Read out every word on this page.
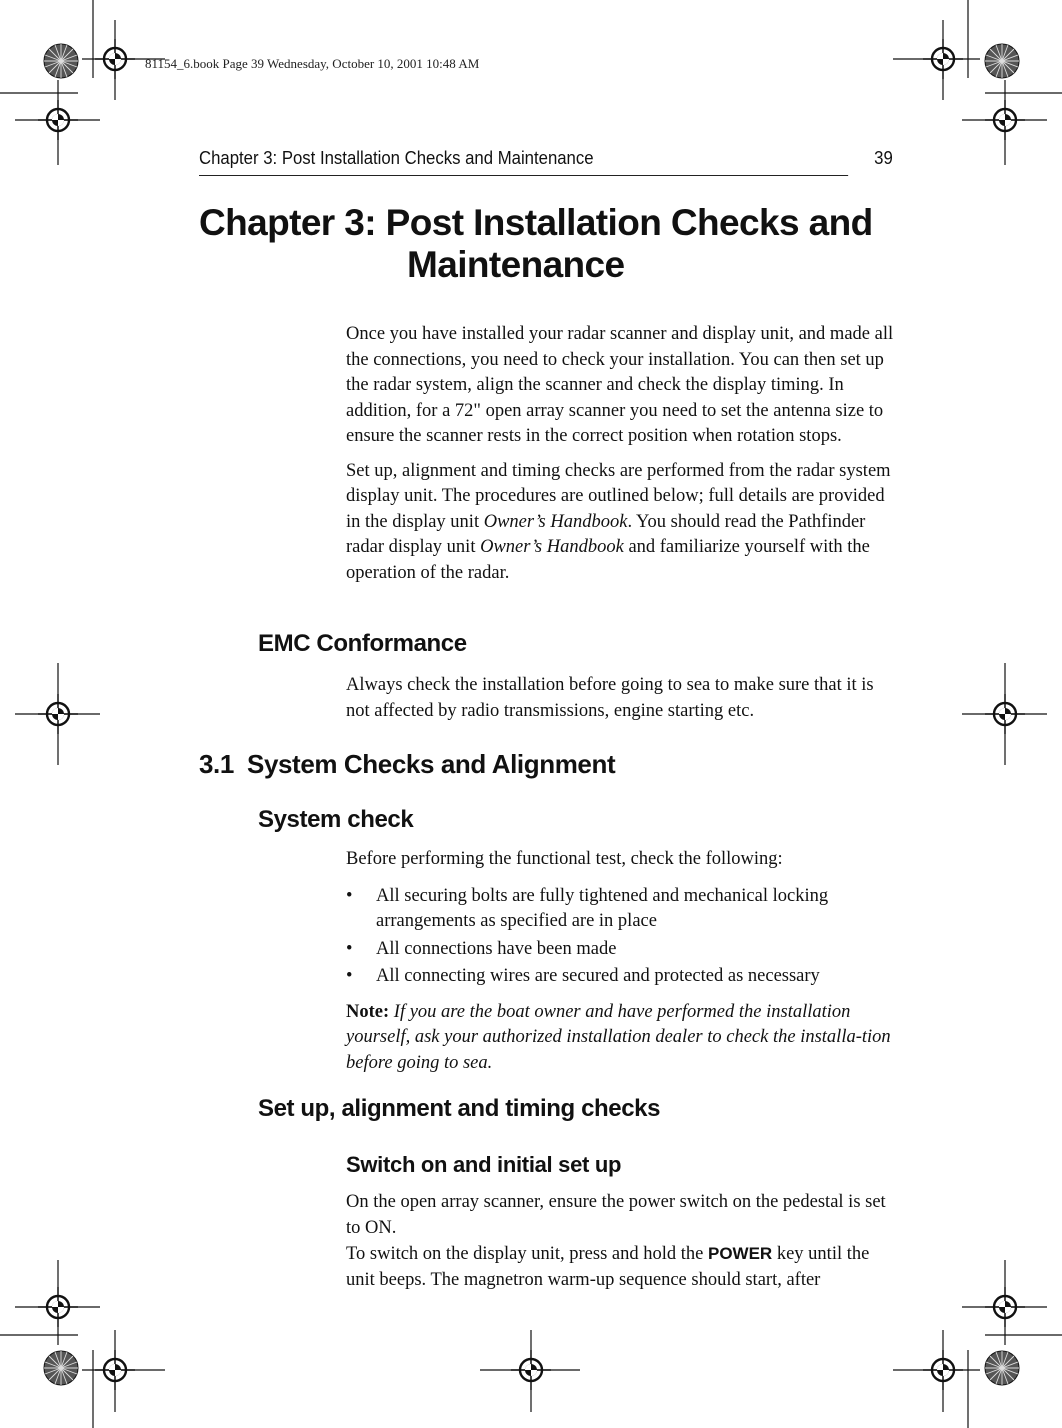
81154_6.book Page 39 Wednesday, October 10, 2001 10:48 AM
Chapter 3: Post Installation Checks and Maintenance	39
Chapter 3: Post Installation Checks and
Maintenance

Once you have installed your radar scanner and display unit, and made all the connections, you need to check your installation. You can then set up the radar system, align the scanner and check the display timing. In addition, for a 72" open array scanner you need to set the antenna size to ensure the scanner rests in the correct position when rotation stops.

Set up, alignment and timing checks are performed from the radar system display unit. The procedures are outlined below; full details are provided in the display unit Owner’s Handbook. You should read the Pathfinder radar display unit Owner’s Handbook and familiarize yourself with the operation of the radar.

EMC Conformance

Always check the installation before going to sea to make sure that it is not affected by radio transmissions, engine starting etc.

3.1 System Checks and Alignment
System check

Before performing the functional test, check the following:

• All securing bolts are fully tightened and mechanical locking arrangements as specified are in place
• All connections have been made
• All connecting wires are secured and protected as necessary

Note: If you are the boat owner and have performed the installation yourself, ask your authorized installation dealer to check the installa-tion before going to sea.

Set up, alignment and timing checks
Switch on and initial set up

On the open array scanner, ensure the power switch on the pedestal is set to ON.

To switch on the display unit, press and hold the POWER key until the unit beeps. The magnetron warm-up sequence should start, after
